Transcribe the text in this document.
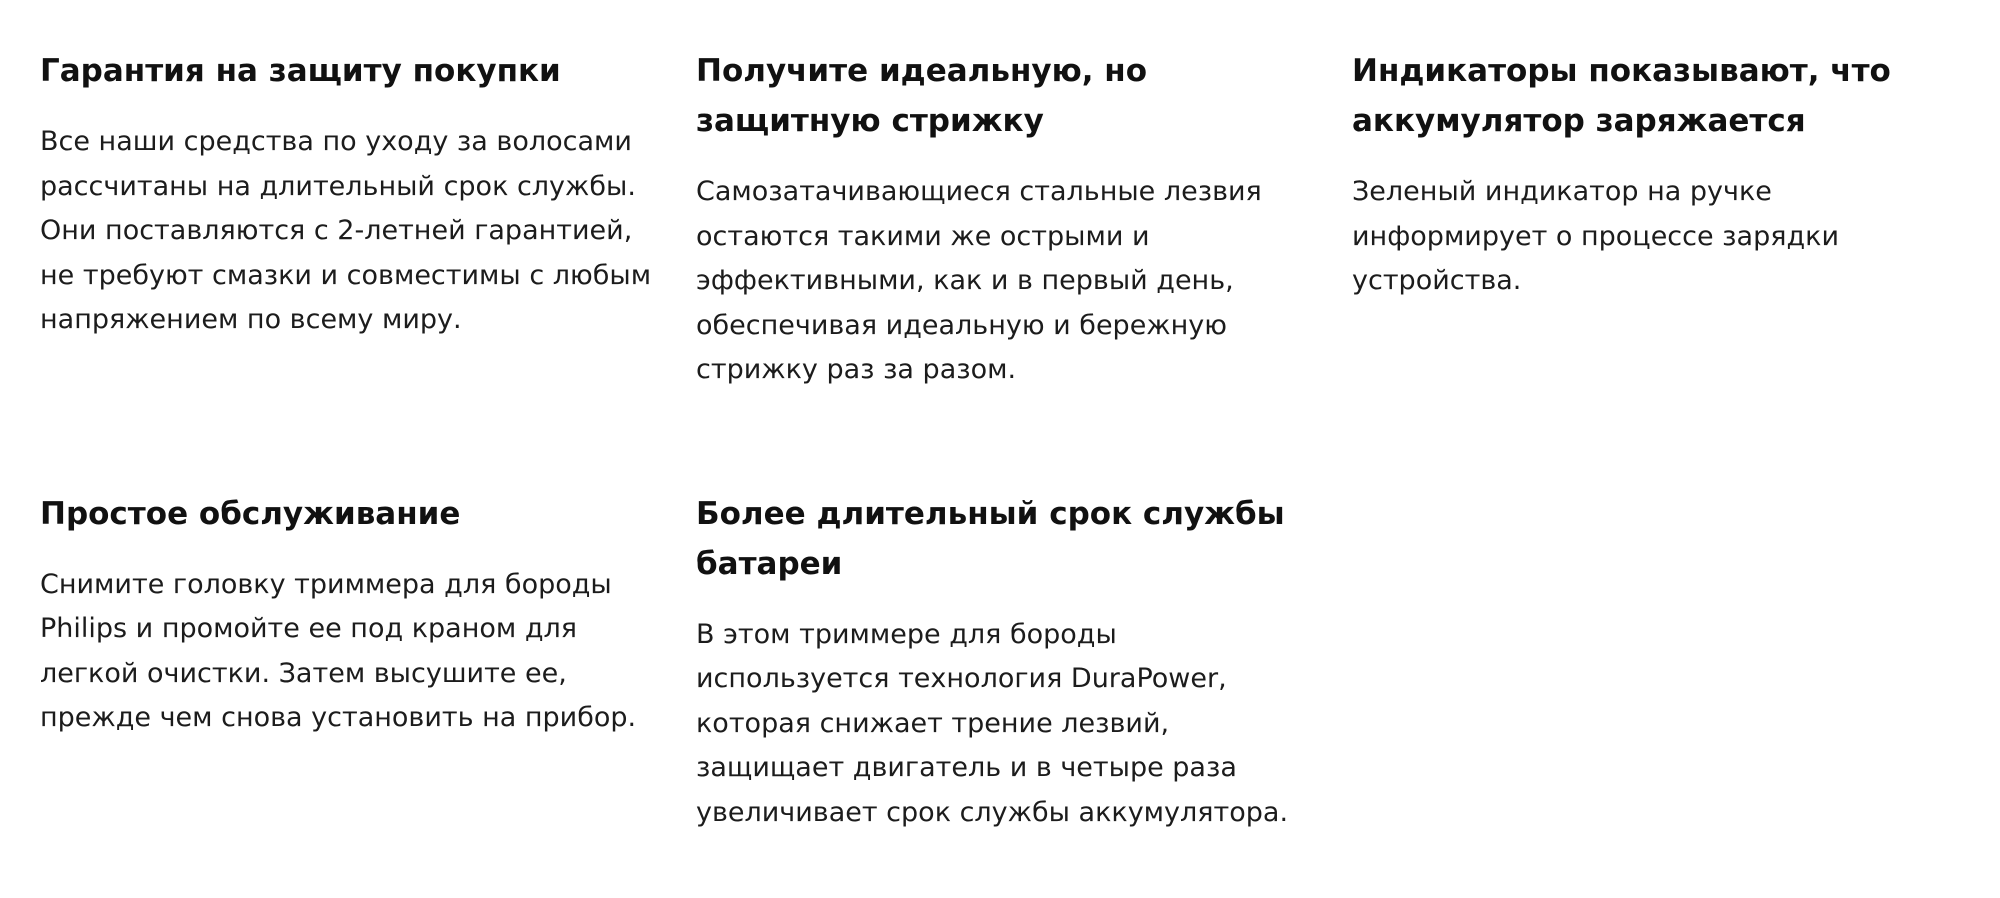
Гарантия на защиту покупки

Все наши средства по уходу за волосами рассчитаны на длительный срок службы. Они поставляются с 2-летней гарантией, не требуют смазки и совместимы с любым напряжением по всему миру.

Получите идеальную, но защитную стрижку

Самозатачивающиеся стальные лезвия остаются такими же острыми и эффективными, как и в первый день, обеспечивая идеальную и бережную стрижку раз за разом.

Индикаторы показывают, что аккумулятор заряжается

Зеленый индикатор на ручке информирует о процессе зарядки устройства.

Простое обслуживание

Снимите головку триммера для бороды Philips и промойте ее под краном для легкой очистки. Затем высушите ее, прежде чем снова установить на прибор.

Более длительный срок службы батареи

В этом триммере для бороды используется технология DuraPower, которая снижает трение лезвий, защищает двигатель и в четыре раза увеличивает срок службы аккумулятора.
